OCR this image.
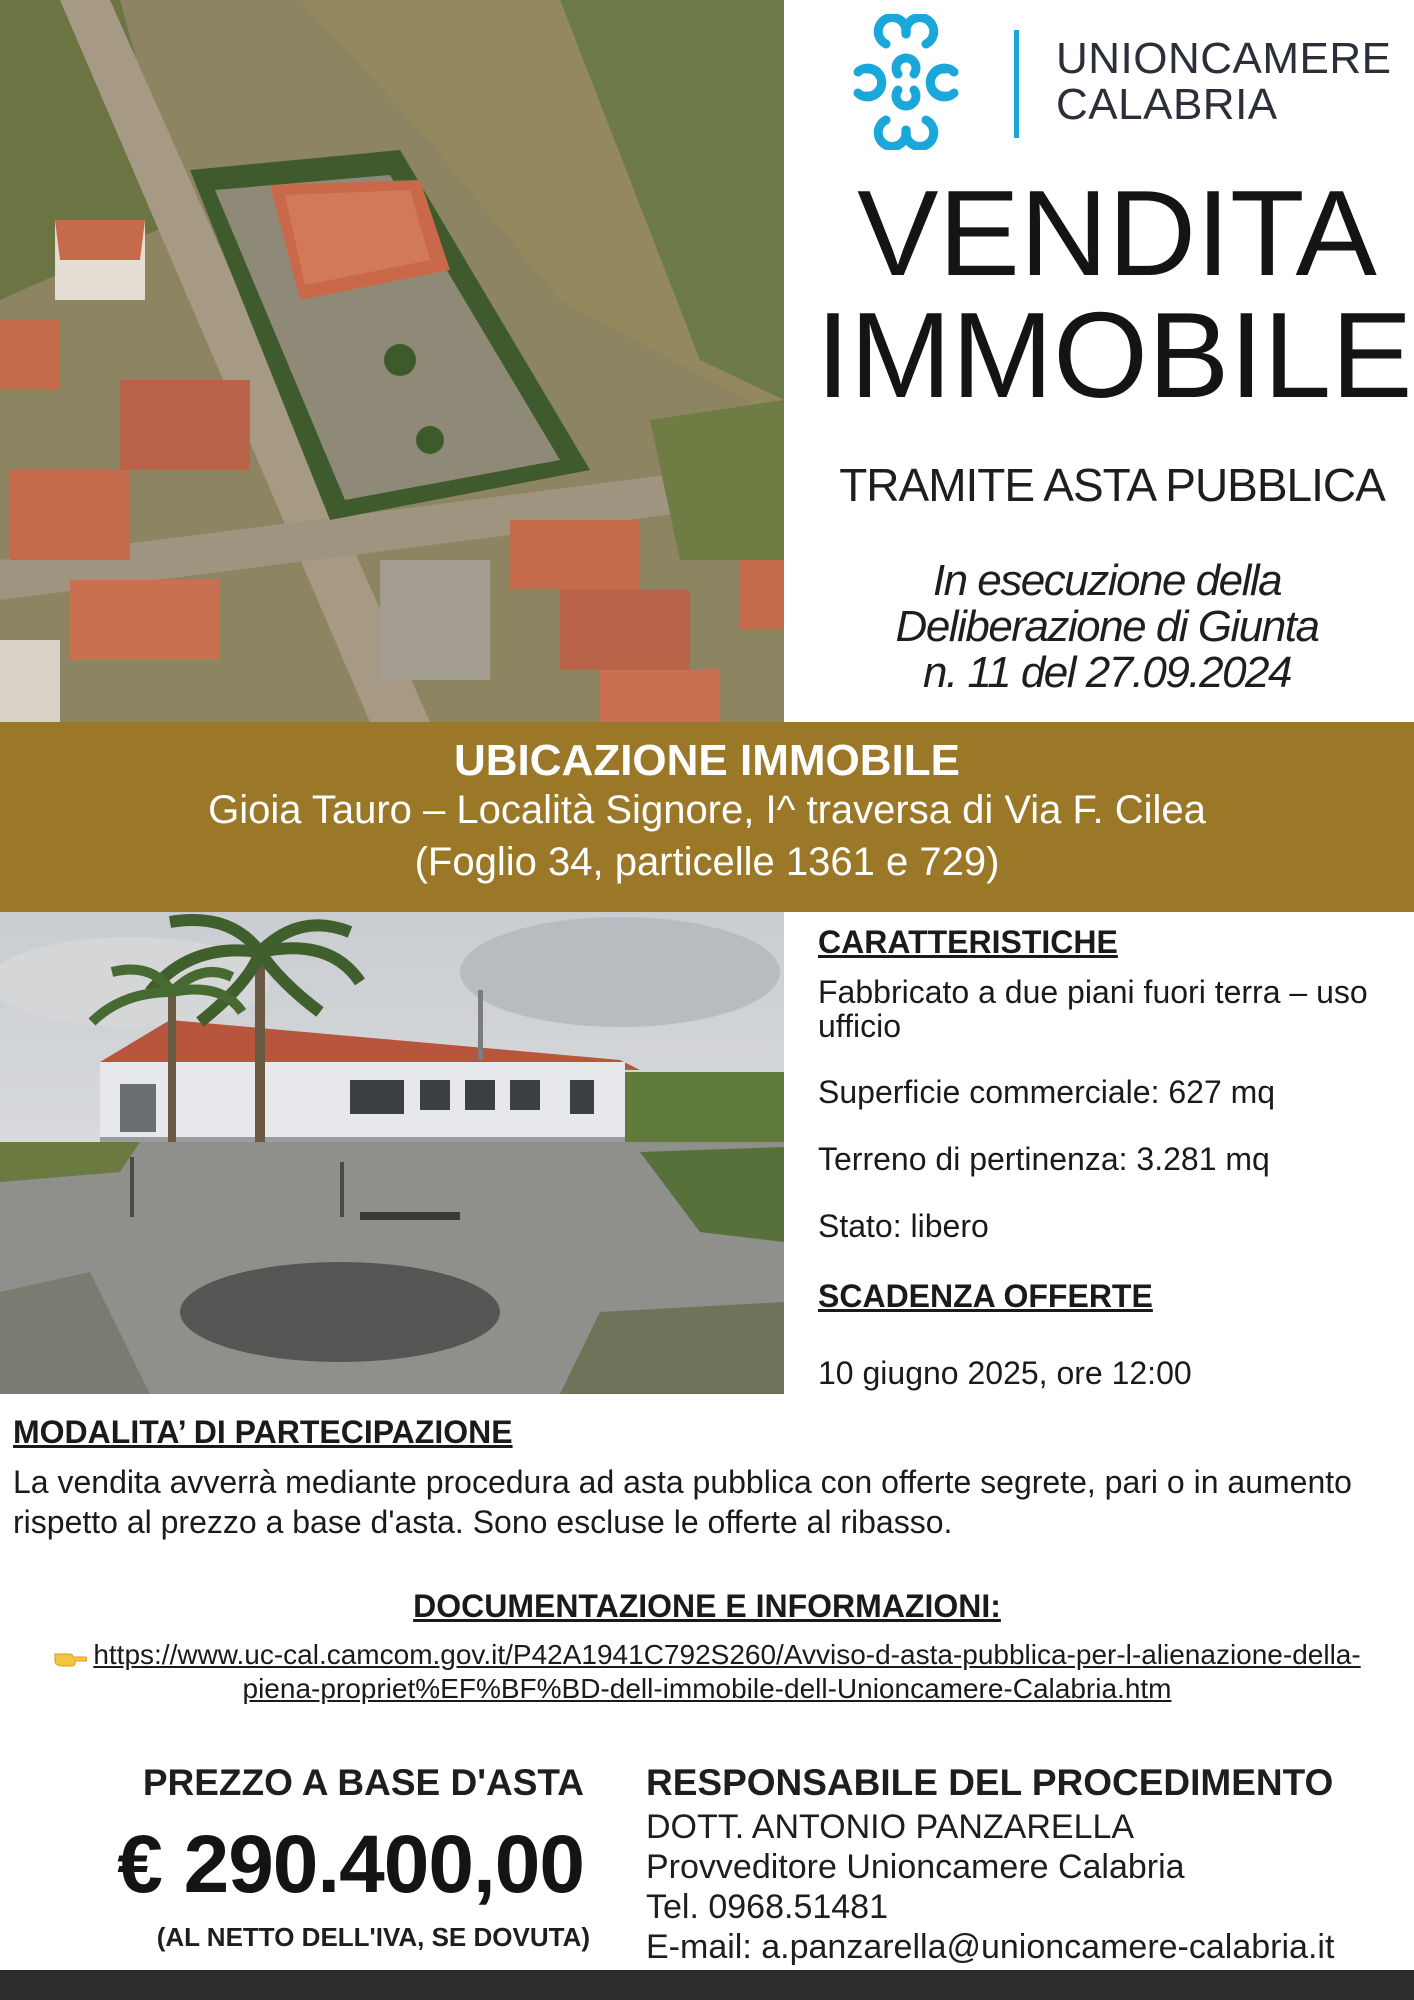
UNIONCAMERE
CALABRIA
VENDITA
IMMOBILE
TRAMITE ASTA PUBBLICA
In esecuzione della
Deliberazione di Giunta
n. 11 del 27.09.2024
UBICAZIONE IMMOBILE
Gioia Tauro – Località Signore, I^ traversa di Via F. Cilea
(Foglio 34, particelle 1361 e 729)
CARATTERISTICHE
Fabbricato a due piani fuori terra – uso ufficio
Superficie commerciale: 627 mq
Terreno di pertinenza: 3.281 mq
Stato: libero
SCADENZA OFFERTE
10 giugno 2025, ore 12:00
MODALITA’ DI PARTECIPAZIONE
La vendita avverrà mediante procedura ad asta pubblica con offerte segrete, pari o in aumento rispetto al prezzo a base d'asta. Sono escluse le offerte al ribasso.
DOCUMENTAZIONE E INFORMAZIONI:
https://www.uc-cal.camcom.gov.it/P42A1941C792S260/Avviso-d-asta-pubblica-per-l-alienazione-della-piena-propriet%EF%BF%BD-dell-immobile-dell-Unioncamere-Calabria.htm
PREZZO A BASE D'ASTA
€ 290.400,00
(AL NETTO DELL'IVA, SE DOVUTA)
RESPONSABILE DEL PROCEDIMENTO
DOTT. ANTONIO PANZARELLA
Provveditore Unioncamere Calabria
Tel. 0968.51481
E-mail: a.panzarella@unioncamere-calabria.it
